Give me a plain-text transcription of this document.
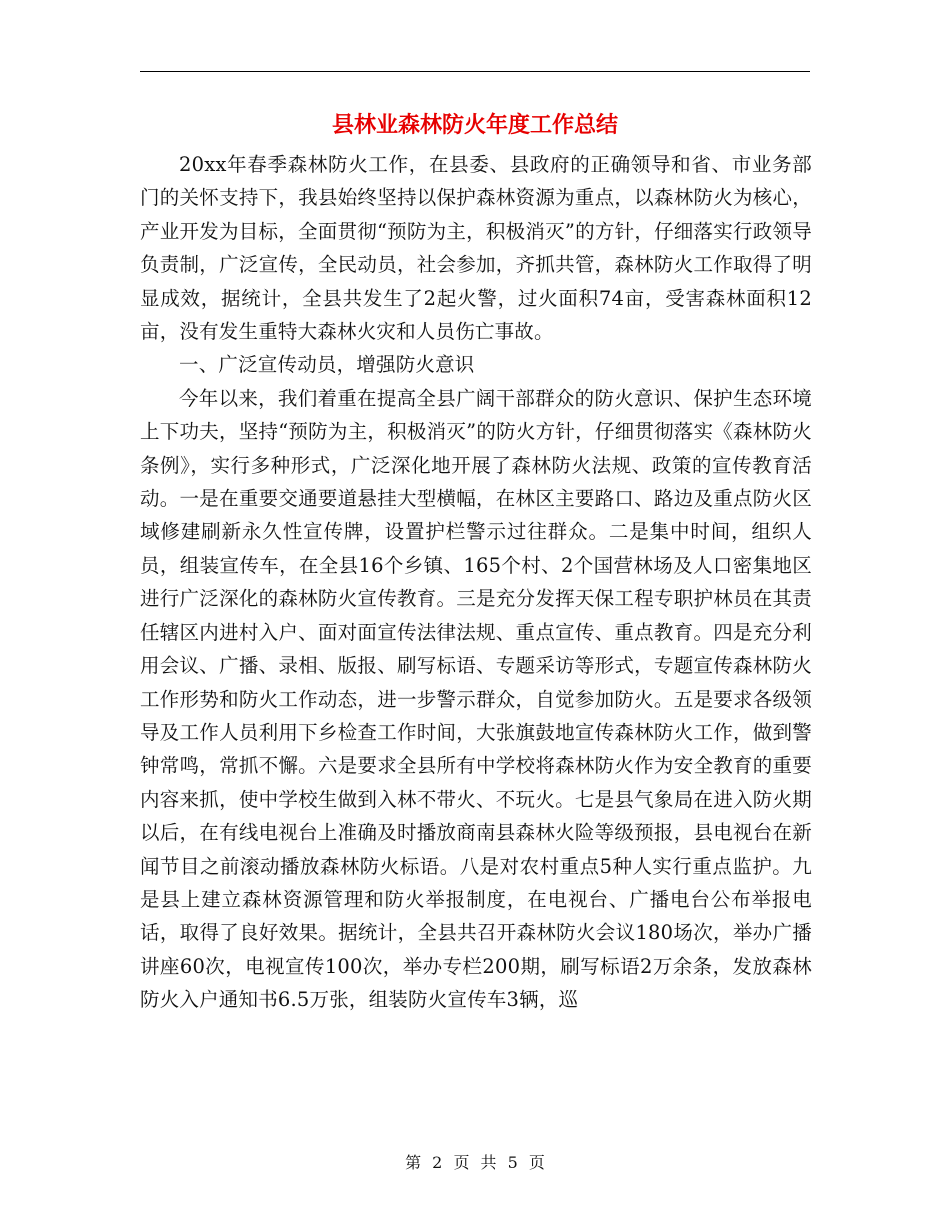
县林业森林防火年度工作总结

20xx年春季森林防火工作，在县委、县政府的正确领导和省、市业务部门的关怀支持下，我县始终坚持以保护森林资源为重点，以森林防火为核心，产业开发为目标，全面贯彻“预防为主，积极消灭”的方针，仔细落实行政领导负责制，广泛宣传，全民动员，社会参加，齐抓共管，森林防火工作取得了明显成效，据统计，全县共发生了2起火警，过火面积74亩，受害森林面积12亩，没有发生重特大森林火灾和人员伤亡事故。

一、广泛宣传动员，增强防火意识

今年以来，我们着重在提高全县广阔干部群众的防火意识、保护生态环境上下功夫，坚持“预防为主，积极消灭”的防火方针，仔细贯彻落实《森林防火条例》，实行多种形式，广泛深化地开展了森林防火法规、政策的宣传教育活动。一是在重要交通要道悬挂大型横幅，在林区主要路口、路边及重点防火区域修建刷新永久性宣传牌，设置护栏警示过往群众。二是集中时间，组织人员，组装宣传车，在全县16个乡镇、165个村、2个国营林场及人口密集地区进行广泛深化的森林防火宣传教育。三是充分发挥天保工程专职护林员在其责任辖区内进村入户、面对面宣传法律法规、重点宣传、重点教育。四是充分利用会议、广播、录相、版报、刷写标语、专题采访等形式，专题宣传森林防火工作形势和防火工作动态，进一步警示群众，自觉参加防火。五是要求各级领导及工作人员利用下乡检查工作时间，大张旗鼓地宣传森林防火工作，做到警钟常鸣，常抓不懈。六是要求全县所有中学校将森林防火作为安全教育的重要内容来抓，使中学校生做到入林不带火、不玩火。七是县气象局在进入防火期以后，在有线电视台上准确及时播放商南县森林火险等级预报，县电视台在新闻节目之前滚动播放森林防火标语。八是对农村重点5种人实行重点监护。九是县上建立森林资源管理和防火举报制度，在电视台、广播电台公布举报电话，取得了良好效果。据统计，全县共召开森林防火会议180场次，举办广播讲座60次，电视宣传100次，举办专栏200期，刷写标语2万余条，发放森林防火入户通知书6.5万张，组装防火宣传车3辆，巡

第 2 页 共 5 页
